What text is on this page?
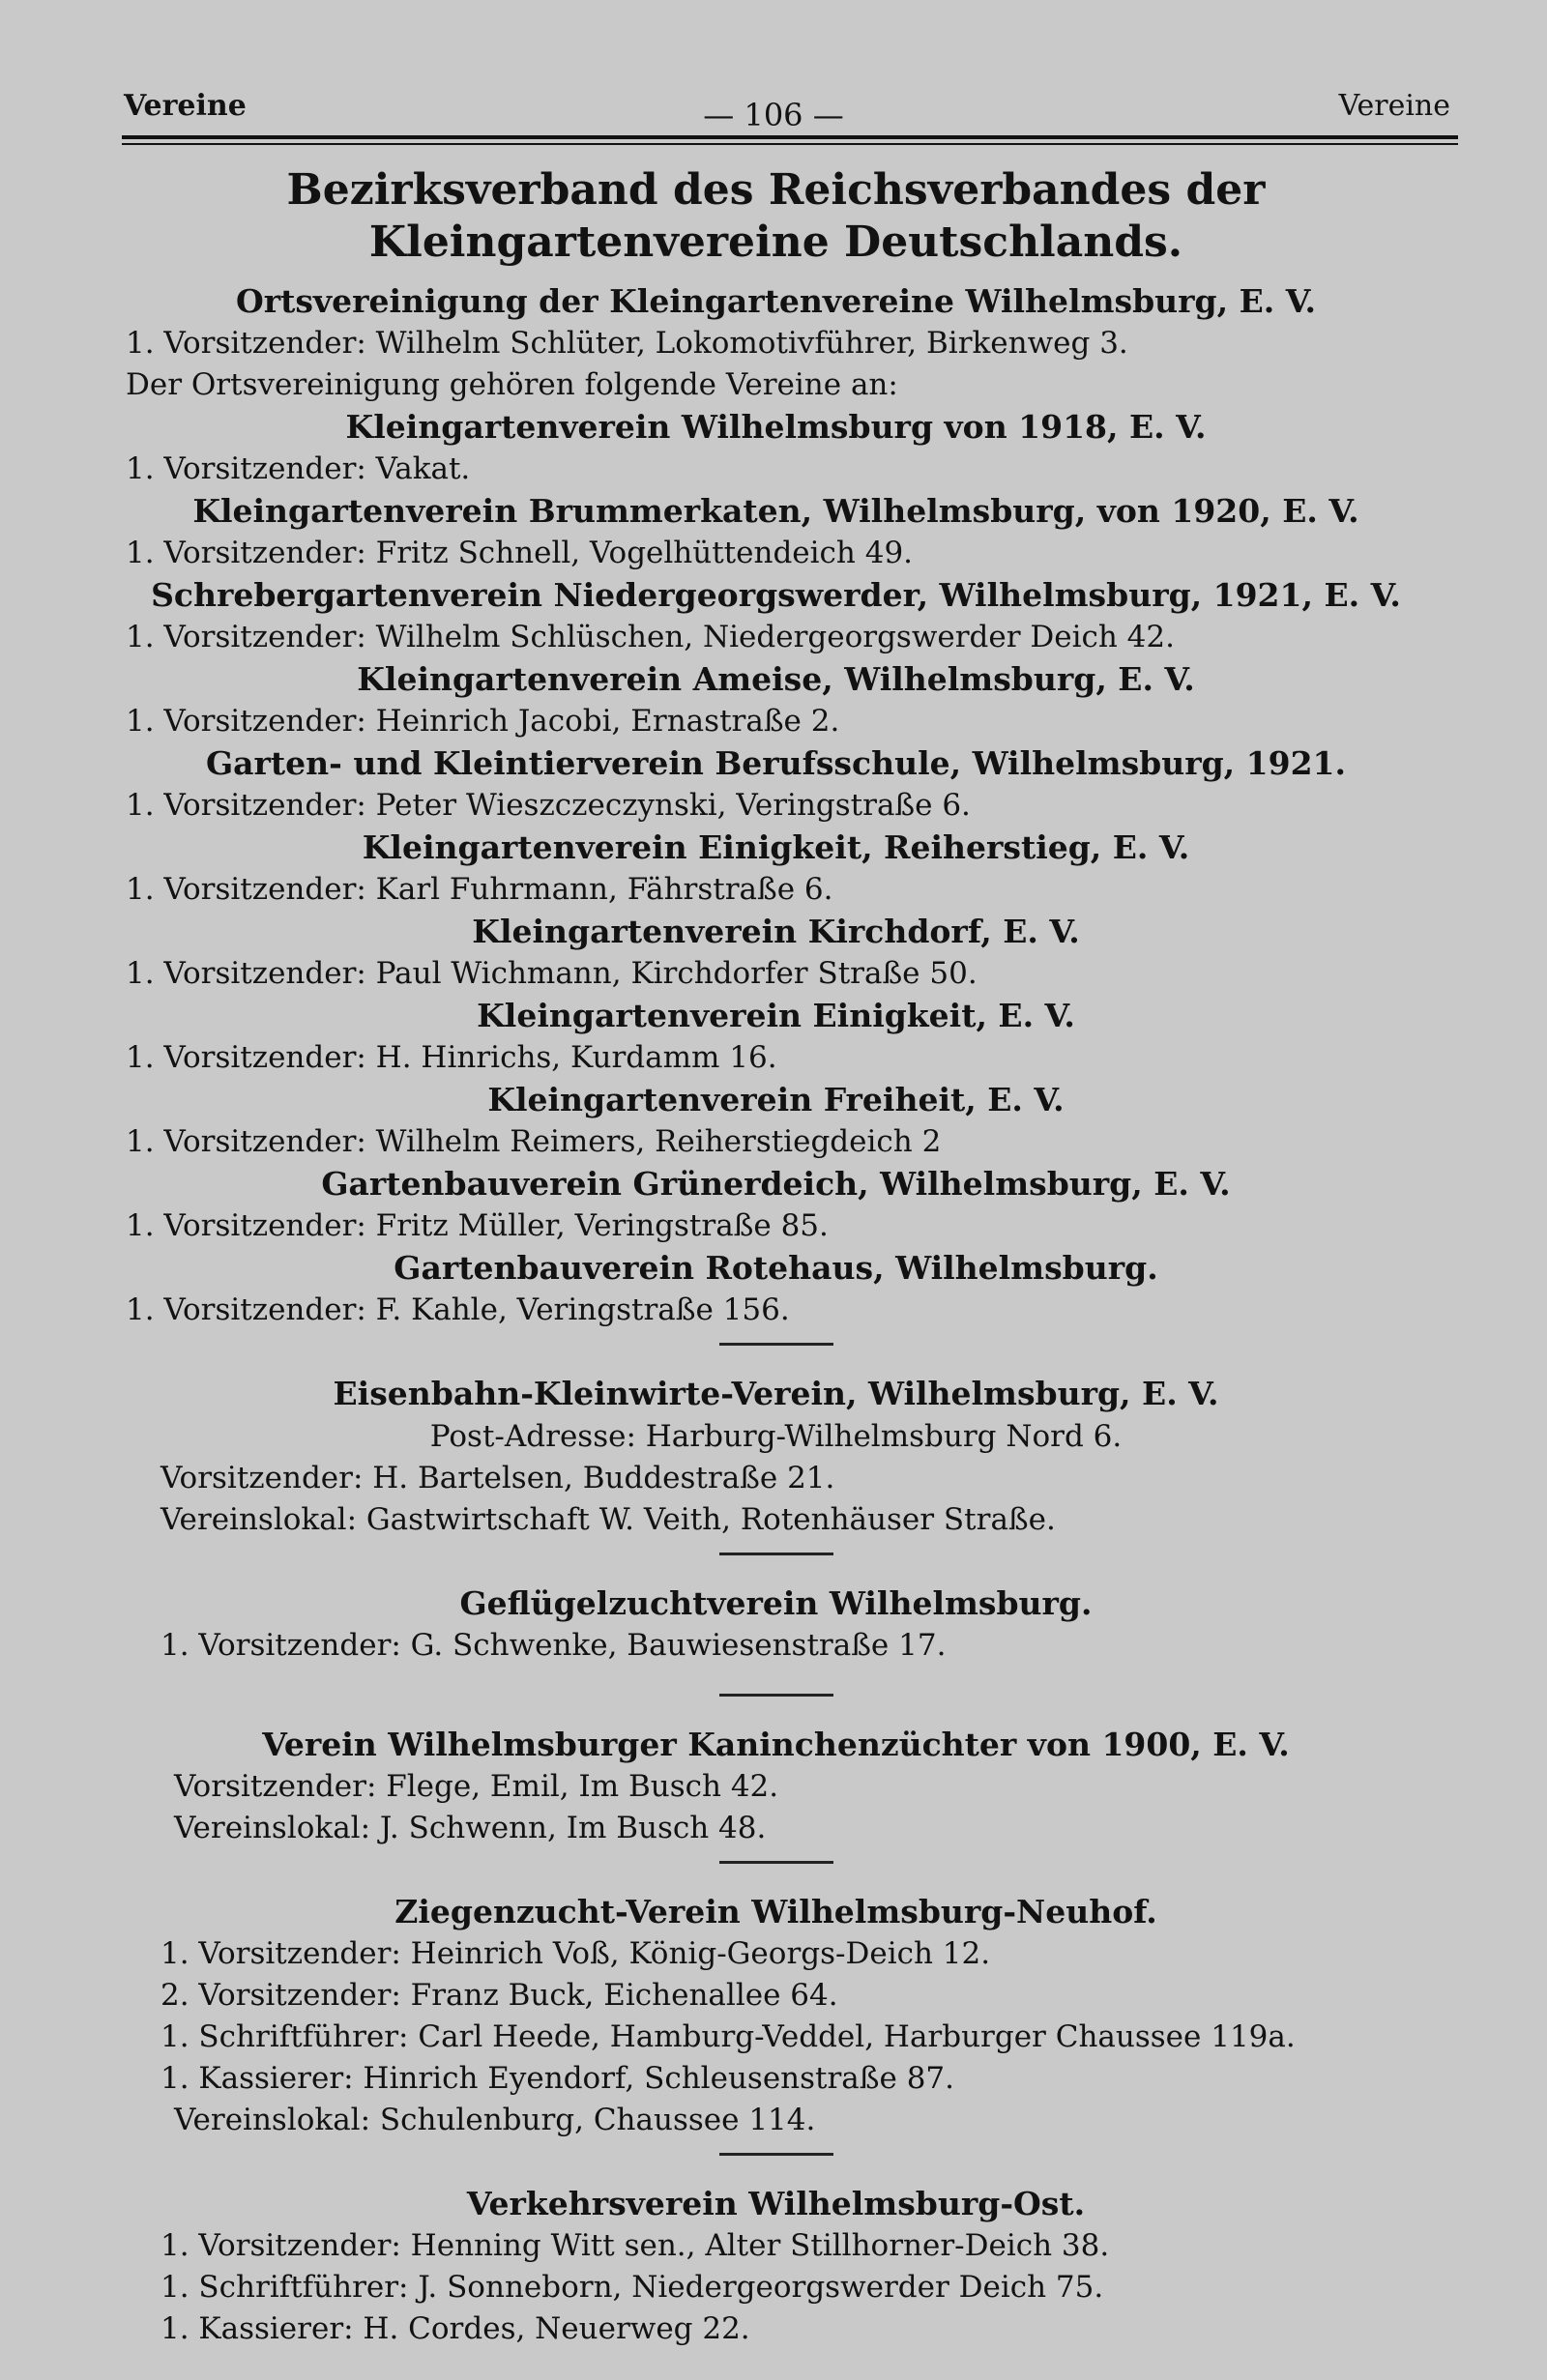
Vereine	— 106 —	Vereine
Bezirksverband des Reichsverbandes der Kleingartenvereine Deutschlands.

Ortsvereinigung der Kleingartenvereine Wilhelmsburg, E. V.

1. Vorsitzender: Wilhelm Schlüter, Lokomotivführer, Birkenweg 3.

Der Ortsvereinigung gehören folgende Vereine an:

Kleingartenverein Wilhelmsburg von 1918, E. V.

1. Vorsitzender: Vakat.

Kleingartenverein Brummerkaten, Wilhelmsburg, von 1920, E. V.

1. Vorsitzender: Fritz Schnell, Vogelhüttendeich 49.

Schrebergartenverein Niedergeorgswerder, Wilhelmsburg, 1921, E. V.

1. Vorsitzender: Wilhelm Schlüschen, Niedergeorgswerder Deich 42.

Kleingartenverein Ameise, Wilhelmsburg, E. V.

1. Vorsitzender: Heinrich Jacobi, Ernastraße 2.

Garten- und Kleintierverein Berufsschule, Wilhelmsburg, 1921.

1. Vorsitzender: Peter Wieszczeczynski, Veringstraße 6.

Kleingartenverein Einigkeit, Reiherstieg, E. V.

1. Vorsitzender: Karl Fuhrmann, Fährstraße 6.

Kleingartenverein Kirchdorf, E. V.

1. Vorsitzender: Paul Wichmann, Kirchdorfer Straße 50.

Kleingartenverein Einigkeit, E. V.

1. Vorsitzender: H. Hinrichs, Kurdamm 16.

Kleingartenverein Freiheit, E. V.

1. Vorsitzender: Wilhelm Reimers, Reiherstiegdeich 2

Gartenbauverein Grünerdeich, Wilhelmsburg, E. V.

1. Vorsitzender: Fritz Müller, Veringstraße 85.

Gartenbauverein Rotehaus, Wilhelmsburg.

1. Vorsitzender: F. Kahle, Veringstraße 156.

Eisenbahn-Kleinwirte-Verein, Wilhelmsburg, E. V.

Post-Adresse: Harburg-Wilhelmsburg Nord 6.

Vorsitzender: H. Bartelsen, Buddestraße 21.

Vereinslokal: Gastwirtschaft W. Veith, Rotenhäuser Straße.

Geflügelzuchtverein Wilhelmsburg.

1. Vorsitzender: G. Schwenke, Bauwiesenstraße 17.

Verein Wilhelmsburger Kaninchenzüchter von 1900, E. V.

Vorsitzender: Flege, Emil, Im Busch 42.

Vereinslokal: J. Schwenn, Im Busch 48.

Ziegenzucht-Verein Wilhelmsburg-Neuhof.

1. Vorsitzender: Heinrich Voß, König-Georgs-Deich 12.

2. Vorsitzender: Franz Buck, Eichenallee 64.

1. Schriftführer: Carl Heede, Hamburg-Veddel, Harburger Chaussee 119a.

1. Kassierer: Hinrich Eyendorf, Schleusenstraße 87.

Vereinslokal: Schulenburg, Chaussee 114.

Verkehrsverein Wilhelmsburg-Ost.

1. Vorsitzender: Henning Witt sen., Alter Stillhorner-Deich 38.

1. Schriftführer: J. Sonneborn, Niedergeorgswerder Deich 75.

1. Kassierer: H. Cordes, Neuerweg 22.
